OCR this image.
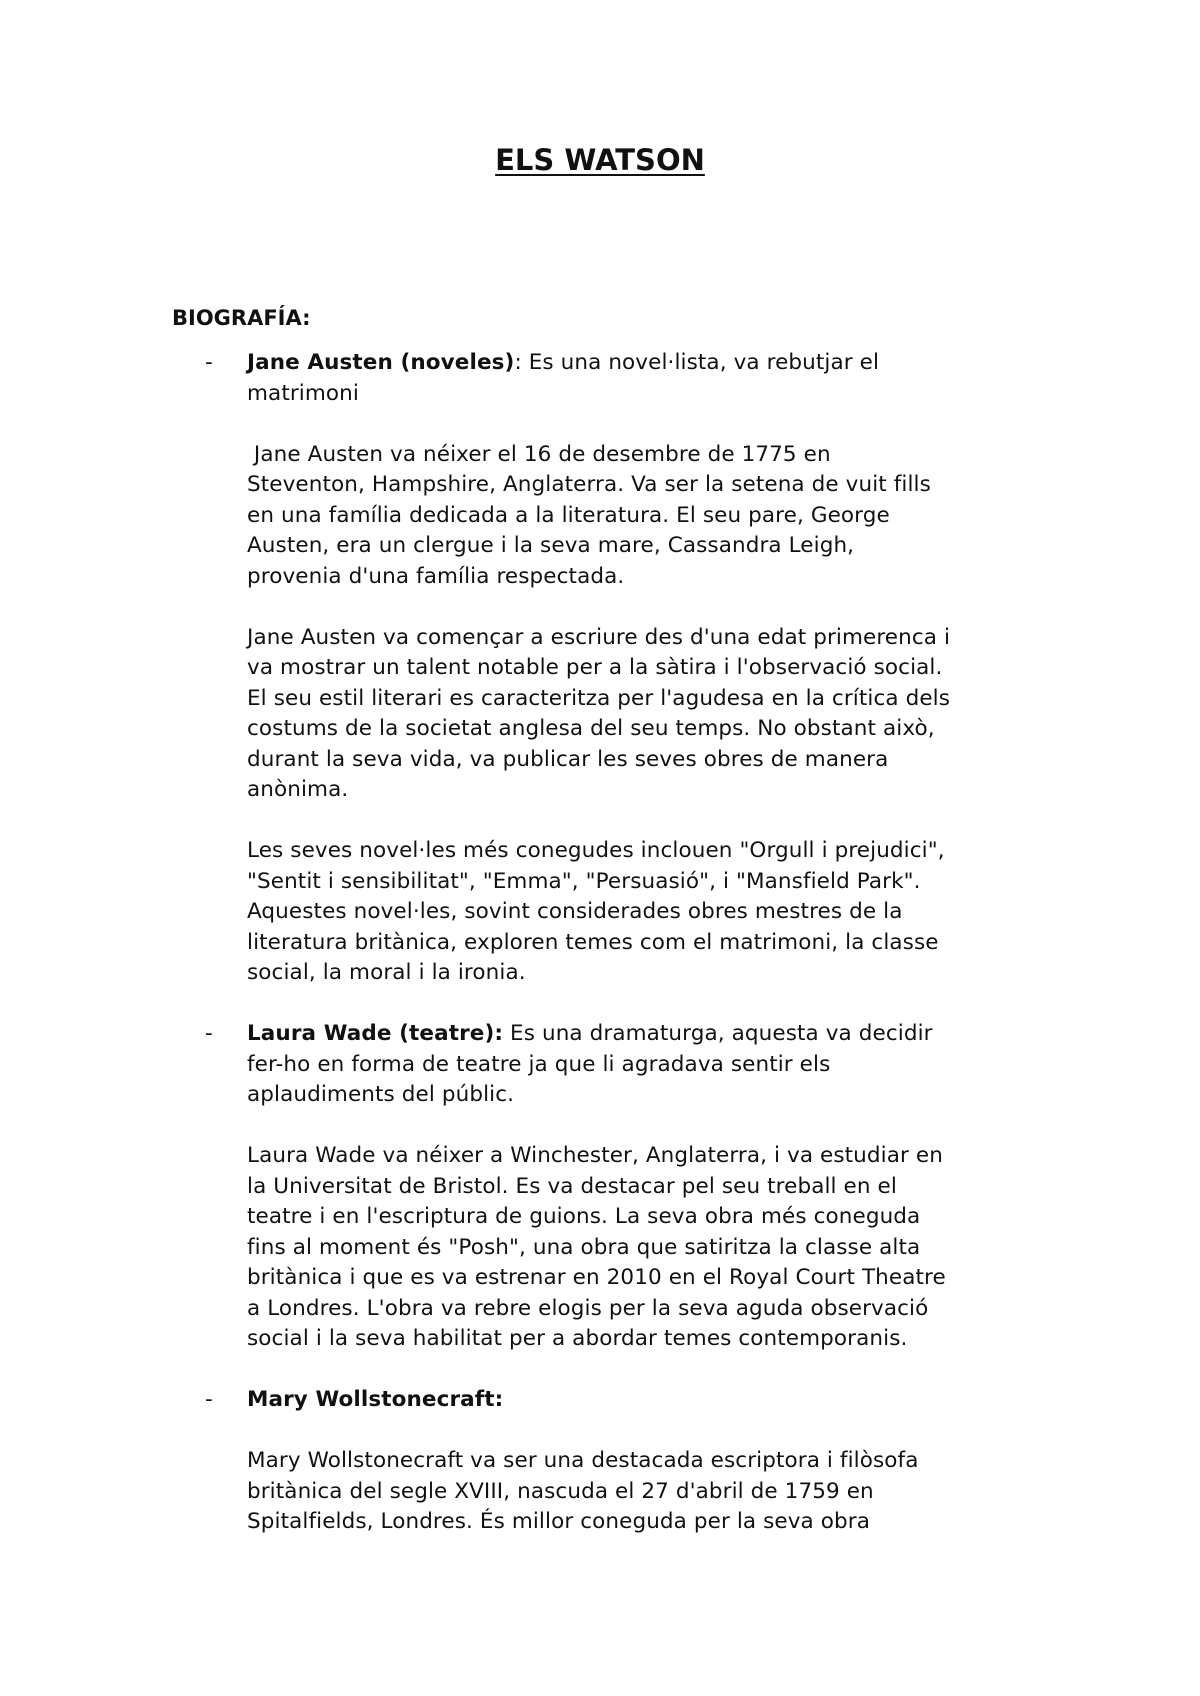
ELS WATSON
BIOGRAFÍA:
- Jane Austen (noveles): Es una novel·lista, va rebutjar el
matrimoni

Jane Austen va néixer el 16 de desembre de 1775 en
Steventon, Hampshire, Anglaterra. Va ser la setena de vuit fills
en una família dedicada a la literatura. El seu pare, George
Austen, era un clergue i la seva mare, Cassandra Leigh,
provenia d'una família respectada.

Jane Austen va començar a escriure des d'una edat primerenca i
va mostrar un talent notable per a la sàtira i l'observació social.
El seu estil literari es caracteritza per l'agudesa en la crítica dels
costums de la societat anglesa del seu temps. No obstant això,
durant la seva vida, va publicar les seves obres de manera
anònima.

Les seves novel·les més conegudes inclouen "Orgull i prejudici",
"Sentit i sensibilitat", "Emma", "Persuasió", i "Mansfield Park".
Aquestes novel·les, sovint considerades obres mestres de la
literatura britànica, exploren temes com el matrimoni, la classe
social, la moral i la ironia.

- Laura Wade (teatre): Es una dramaturga, aquesta va decidir
fer-ho en forma de teatre ja que li agradava sentir els
aplaudiments del públic.

Laura Wade va néixer a Winchester, Anglaterra, i va estudiar en
la Universitat de Bristol. Es va destacar pel seu treball en el
teatre i en l'escriptura de guions. La seva obra més coneguda
fins al moment és "Posh", una obra que satiritza la classe alta
britànica i que es va estrenar en 2010 en el Royal Court Theatre
a Londres. L'obra va rebre elogis per la seva aguda observació
social i la seva habilitat per a abordar temes contemporanis.

- Mary Wollstonecraft:

Mary Wollstonecraft va ser una destacada escriptora i filòsofa
britànica del segle XVIII, nascuda el 27 d'abril de 1759 en
Spitalfields, Londres. És millor coneguda per la seva obra
